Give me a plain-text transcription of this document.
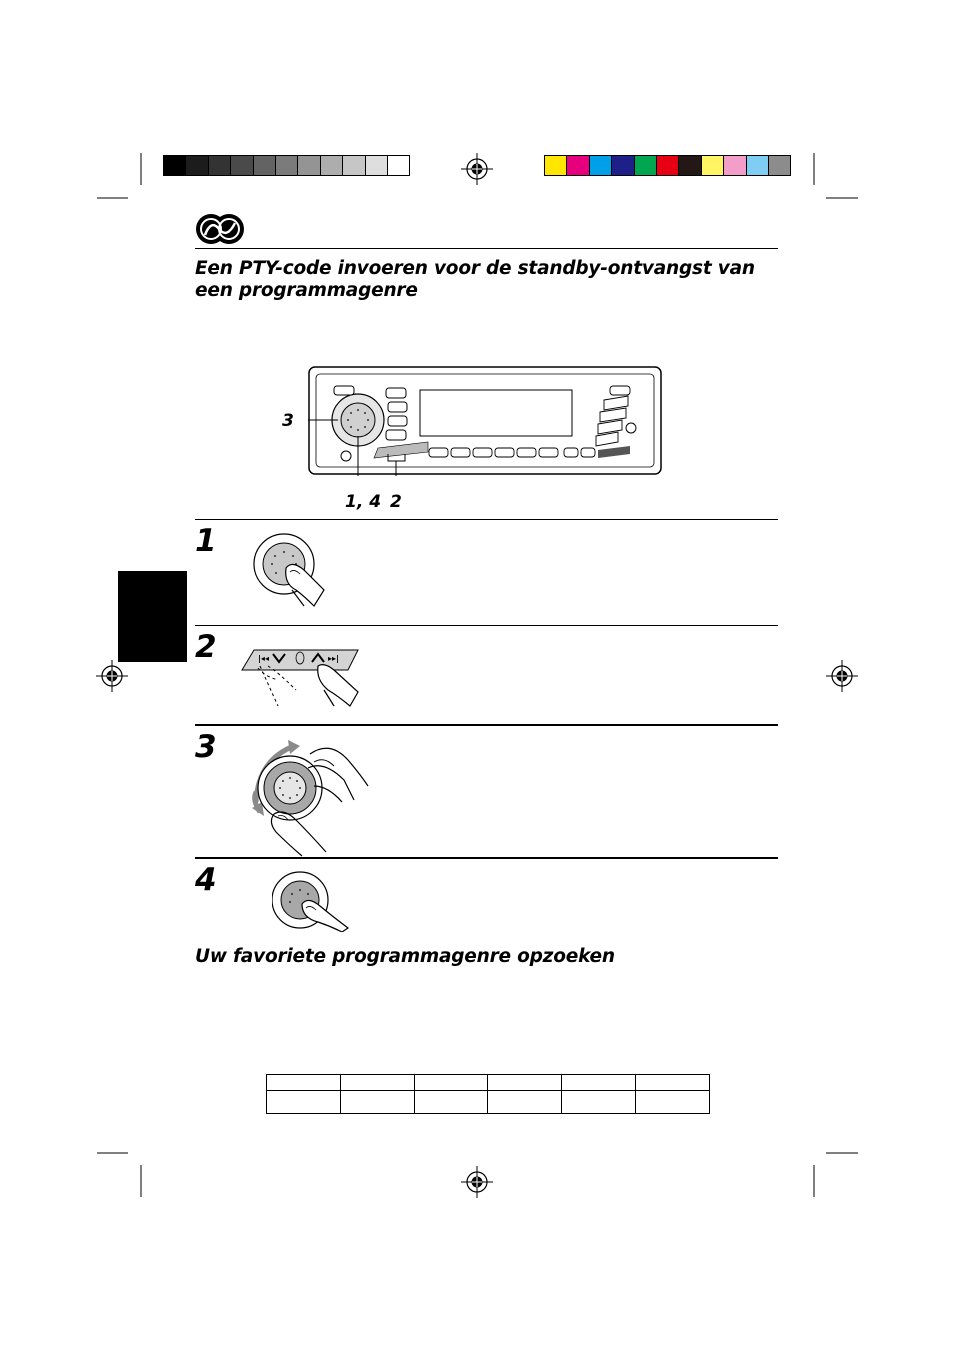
Een PTY-code invoeren voor de standby-ontvangst van een programmagenre
3
1, 4 2
1
2	|◂◂	▸▸|
3
4
Uw favoriete programmagenre opzoeken
